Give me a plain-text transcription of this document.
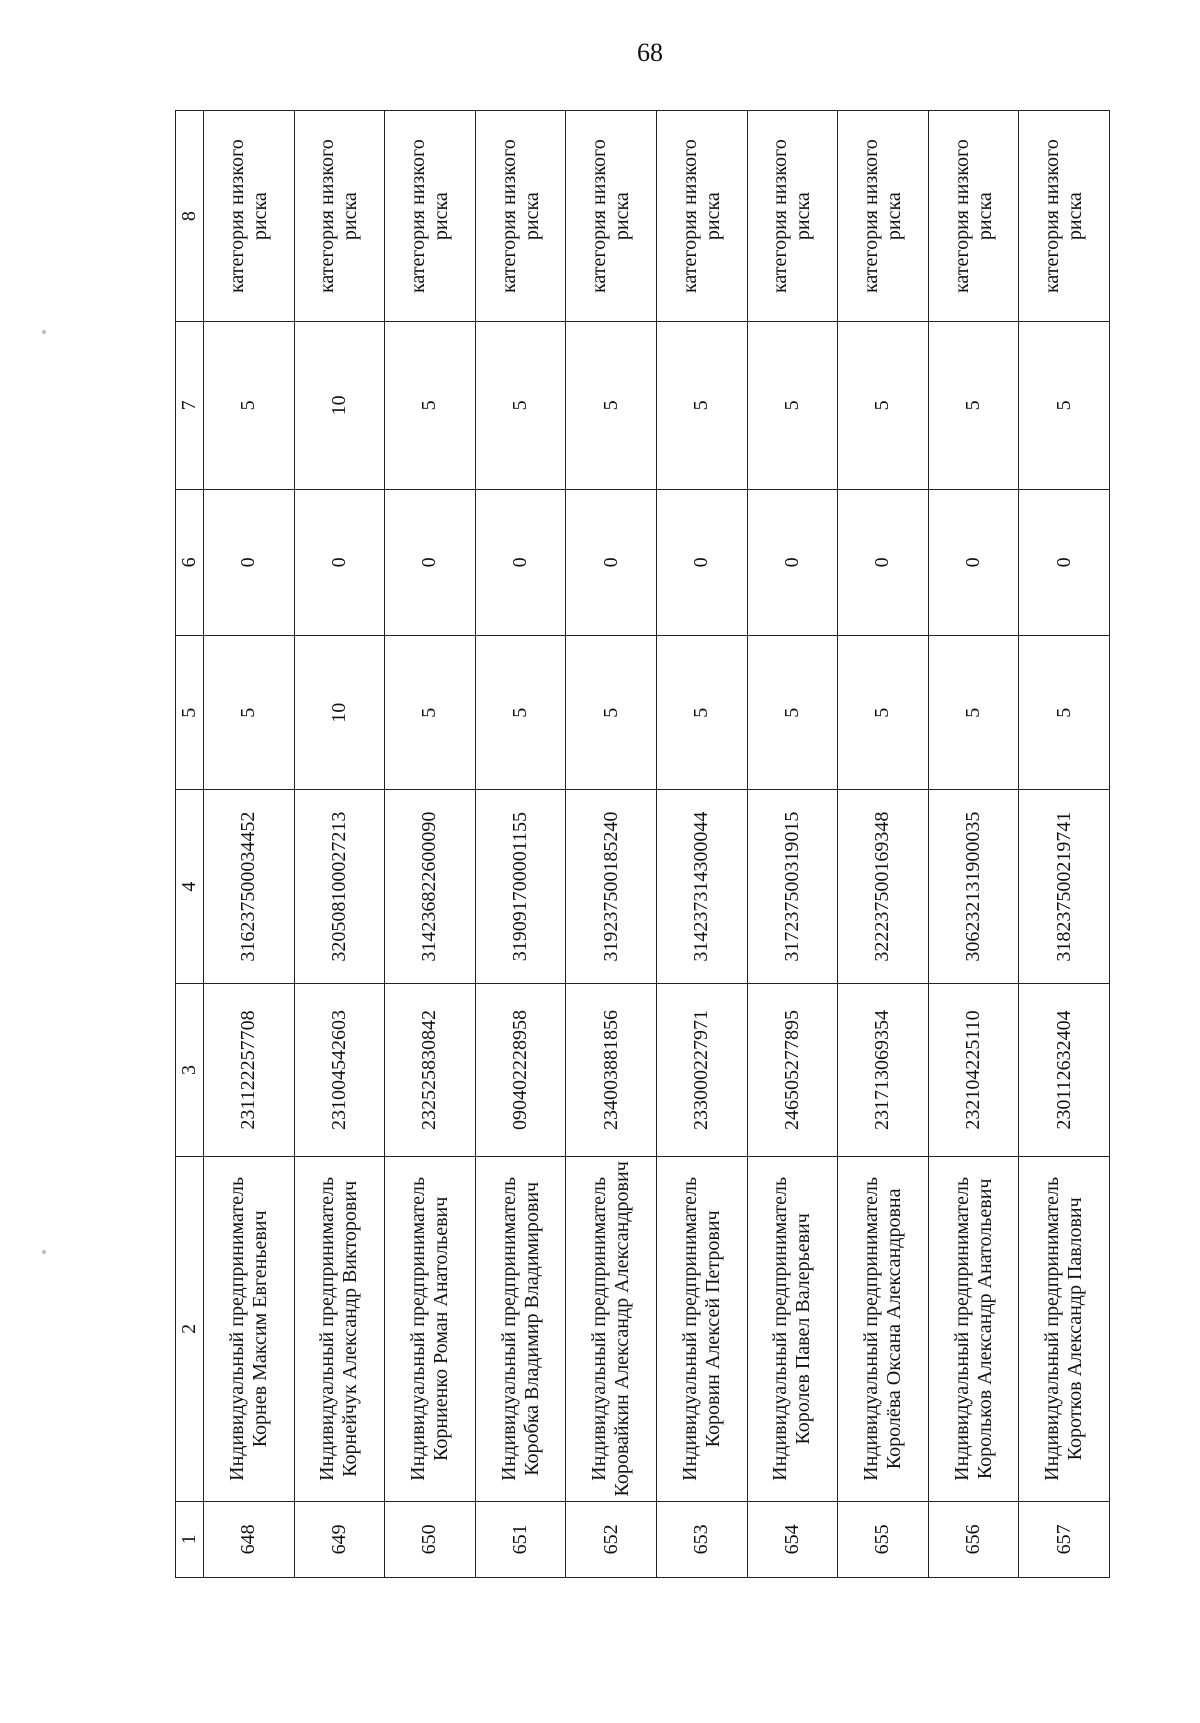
68
1	2	3	4	5	6	7	8
648	Индивидуальный предприниматель Корнев Максим Евгеньевич	231122257708	316237500034452	5	0	5	категория низкого риска
649	Индивидуальный предприниматель Корнейчук Александр Викторович	231004542603	320508100027213	10	0	10	категория низкого риска
650	Индивидуальный предприниматель Корниенко Роман Анатольевич	232525830842	314236822600090	5	0	5	категория низкого риска
651	Индивидуальный предприниматель Коробка Владимир Владимирович	090402228958	319091700001155	5	0	5	категория низкого риска
652	Индивидуальный предприниматель Коровайкин Александр Александрович	234003881856	319237500185240	5	0	5	категория низкого риска
653	Индивидуальный предприниматель Коровин Алексей Петрович	233000227971	314237314300044	5	0	5	категория низкого риска
654	Индивидуальный предприниматель Королев Павел Валерьевич	246505277895	317237500319015	5	0	5	категория низкого риска
655	Индивидуальный предприниматель Королёва Оксана Александровна	231713069354	322237500169348	5	0	5	категория низкого риска
656	Индивидуальный предприниматель Корольков Александр Анатольевич	232104225110	306232131900035	5	0	5	категория низкого риска
657	Индивидуальный предприниматель Коротков Александр Павлович	230112632404	318237500219741	5	0	5	категория низкого риска
